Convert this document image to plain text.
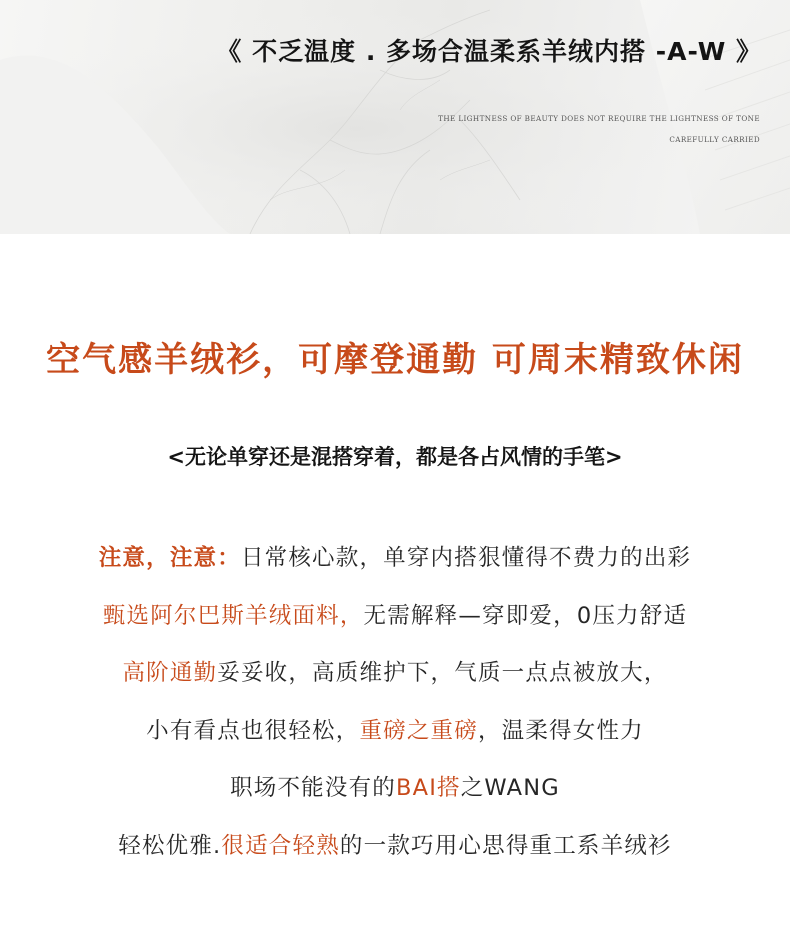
《 不乏温度 . 多场合温柔系羊绒内搭 -A-W 》
THE LIGHTNESS OF BEAUTY DOES NOT REQUIRE THE LIGHTNESS OF TONE
CAREFULLY CARRIED
空气感羊绒衫，可摩登通勤 可周末精致休闲
<无论单穿还是混搭穿着，都是各占风情的手笔>
注意，注意：日常核心款，单穿内搭狠懂得不费力的出彩
甄选阿尔巴斯羊绒面料，无需解释—穿即爱，0压力舒适
高阶通勤妥妥收，高质维护下，气质一点点被放大，
小有看点也很轻松，重磅之重磅，温柔得女性力
职场不能没有的BAI搭之WANG
轻松优雅.很适合轻熟的一款巧用心思得重工系羊绒衫
